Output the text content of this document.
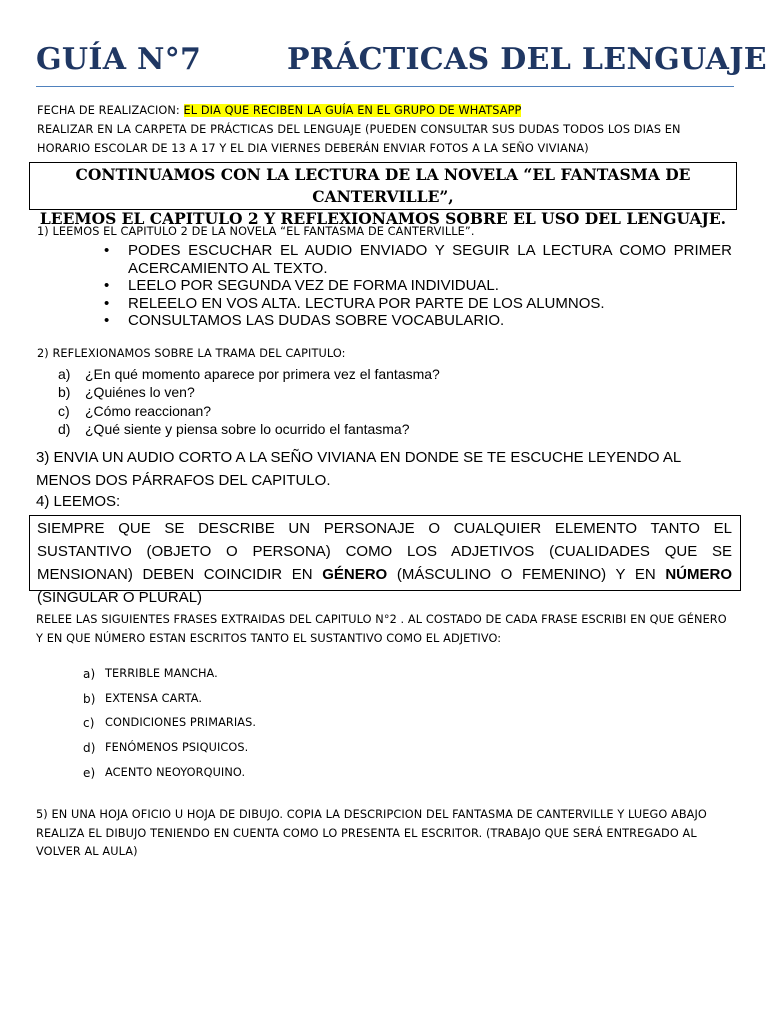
GUÍA N°7	PRÁCTICAS DEL LENGUAJE
FECHA DE REALIZACION: EL DIA QUE RECIBEN LA GUÍA EN EL GRUPO DE WHATSAPP
REALIZAR EN LA CARPETA DE PRÁCTICAS DEL LENGUAJE (PUEDEN CONSULTAR SUS DUDAS TODOS LOS DIAS EN
HORARIO ESCOLAR DE 13 A 17 Y EL DIA VIERNES DEBERÁN ENVIAR FOTOS A LA SEÑO VIVIANA)
CONTINUAMOS CON LA LECTURA DE LA NOVELA “EL FANTASMA DE CANTERVILLE”,
LEEMOS EL CAPITULO 2 Y REFLEXIONAMOS SOBRE EL USO DEL LENGUAJE.
1) LEEMOS EL CAPITULO 2 DE LA NOVELA “EL FANTASMA DE CANTERVILLE”.
• PODES ESCUCHAR EL AUDIO ENVIADO Y SEGUIR LA LECTURA COMO PRIMER ACERCAMIENTO AL TEXTO.
• LEELO POR SEGUNDA VEZ DE FORMA INDIVIDUAL.
• RELEELO EN VOS ALTA. LECTURA POR PARTE DE LOS ALUMNOS.
• CONSULTAMOS LAS DUDAS SOBRE VOCABULARIO.
2) REFLEXIONAMOS SOBRE LA TRAMA DEL CAPITULO:
a) ¿En qué momento aparece por primera vez el fantasma?
b) ¿Quiénes lo ven?
c) ¿Cómo reaccionan?
d) ¿Qué siente y piensa sobre lo ocurrido el fantasma?
3) ENVIA UN AUDIO CORTO A LA SEÑO VIVIANA EN DONDE SE TE ESCUCHE LEYENDO AL MENOS DOS PÁRRAFOS DEL CAPITULO.
4) LEEMOS:
SIEMPRE QUE SE DESCRIBE UN PERSONAJE O CUALQUIER ELEMENTO TANTO EL SUSTANTIVO (OBJETO O PERSONA) COMO LOS ADJETIVOS (CUALIDADES QUE SE MENSIONAN) DEBEN COINCIDIR EN GÉNERO (MÁSCULINO O FEMENINO) Y EN NÚMERO (SINGULAR O PLURAL)
RELEE LAS SIGUIENTES FRASES EXTRAIDAS DEL CAPITULO N°2 . AL COSTADO DE CADA FRASE ESCRIBI EN QUE GÉNERO Y EN QUE NÚMERO ESTAN ESCRITOS TANTO EL SUSTANTIVO COMO EL ADJETIVO:
a) TERRIBLE MANCHA.
b) EXTENSA CARTA.
c) CONDICIONES PRIMARIAS.
d) FENÓMENOS PSIQUICOS.
e) ACENTO NEOYORQUINO.
5) EN UNA HOJA OFICIO U HOJA DE DIBUJO. COPIA LA DESCRIPCION DEL FANTASMA DE CANTERVILLE Y LUEGO ABAJO REALIZA EL DIBUJO TENIENDO EN CUENTA COMO LO PRESENTA EL ESCRITOR. (TRABAJO QUE SERÁ ENTREGADO AL VOLVER AL AULA)
